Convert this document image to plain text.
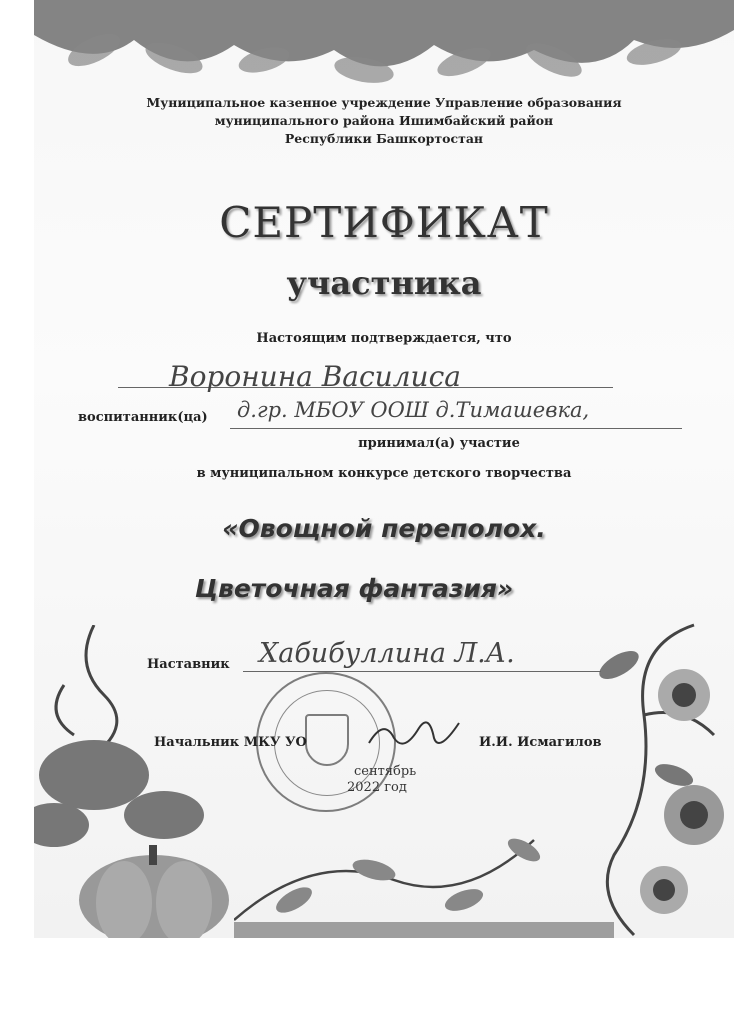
Муниципальное казенное учреждение Управление образования
муниципального района Ишимбайский район
Республики Башкортостан
СЕРТИФИКАТ
участника
Настоящим подтверждается, что
Воронина Василиса
воспитанник(ца) д.гр. МБОУ ООШ д.Тимашевка,
принимал(а) участие
в муниципальном конкурсе детского творчества
«Овощной переполох.
Цветочная фантазия»
Наставник Хабибуллина Л.А.
Начальник МКУ УО	И.И. Исмагилов
сентябрь
2022 год
